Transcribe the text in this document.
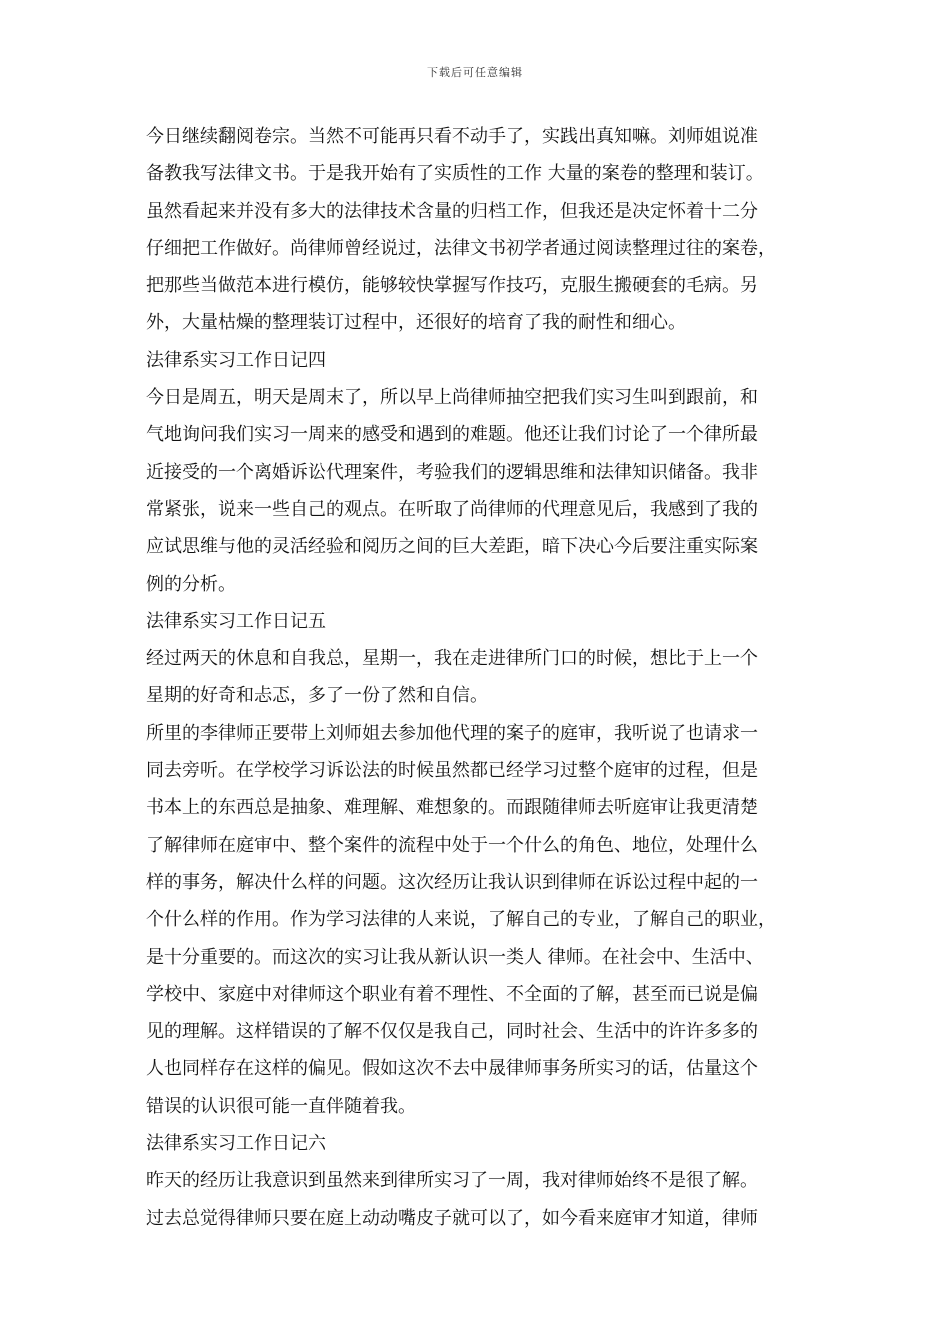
下载后可任意编辑
今日继续翻阅卷宗。当然不可能再只看不动手了，实践出真知嘛。刘师姐说准
备教我写法律文书。于是我开始有了实质性的工作 大量的案卷的整理和装订。
虽然看起来并没有多大的法律技术含量的归档工作，但我还是决定怀着十二分
仔细把工作做好。尚律师曾经说过，法律文书初学者通过阅读整理过往的案卷，
把那些当做范本进行模仿，能够较快掌握写作技巧，克服生搬硬套的毛病。另
外，大量枯燥的整理装订过程中，还很好的培育了我的耐性和细心。
法律系实习工作日记四
今日是周五，明天是周末了，所以早上尚律师抽空把我们实习生叫到跟前，和
气地询问我们实习一周来的感受和遇到的难题。他还让我们讨论了一个律所最
近接受的一个离婚诉讼代理案件，考验我们的逻辑思维和法律知识储备。我非
常紧张，说来一些自己的观点。在听取了尚律师的代理意见后，我感到了我的
应试思维与他的灵活经验和阅历之间的巨大差距，暗下决心今后要注重实际案
例的分析。
法律系实习工作日记五
经过两天的休息和自我总，星期一，我在走进律所门口的时候，想比于上一个
星期的好奇和忐忑，多了一份了然和自信。
所里的李律师正要带上刘师姐去参加他代理的案子的庭审，我听说了也请求一
同去旁听。在学校学习诉讼法的时候虽然都已经学习过整个庭审的过程，但是
书本上的东西总是抽象、难理解、难想象的。而跟随律师去听庭审让我更清楚
了解律师在庭审中、整个案件的流程中处于一个什么的角色、地位，处理什么
样的事务，解决什么样的问题。这次经历让我认识到律师在诉讼过程中起的一
个什么样的作用。作为学习法律的人来说，了解自己的专业，了解自己的职业，
是十分重要的。而这次的实习让我从新认识一类人 律师。在社会中、生活中、
学校中、家庭中对律师这个职业有着不理性、不全面的了解，甚至而已说是偏
见的理解。这样错误的了解不仅仅是我自己，同时社会、生活中的许许多多的
人也同样存在这样的偏见。假如这次不去中晟律师事务所实习的话，估量这个
错误的认识很可能一直伴随着我。
法律系实习工作日记六
昨天的经历让我意识到虽然来到律所实习了一周，我对律师始终不是很了解。
过去总觉得律师只要在庭上动动嘴皮子就可以了，如今看来庭审才知道，律师
